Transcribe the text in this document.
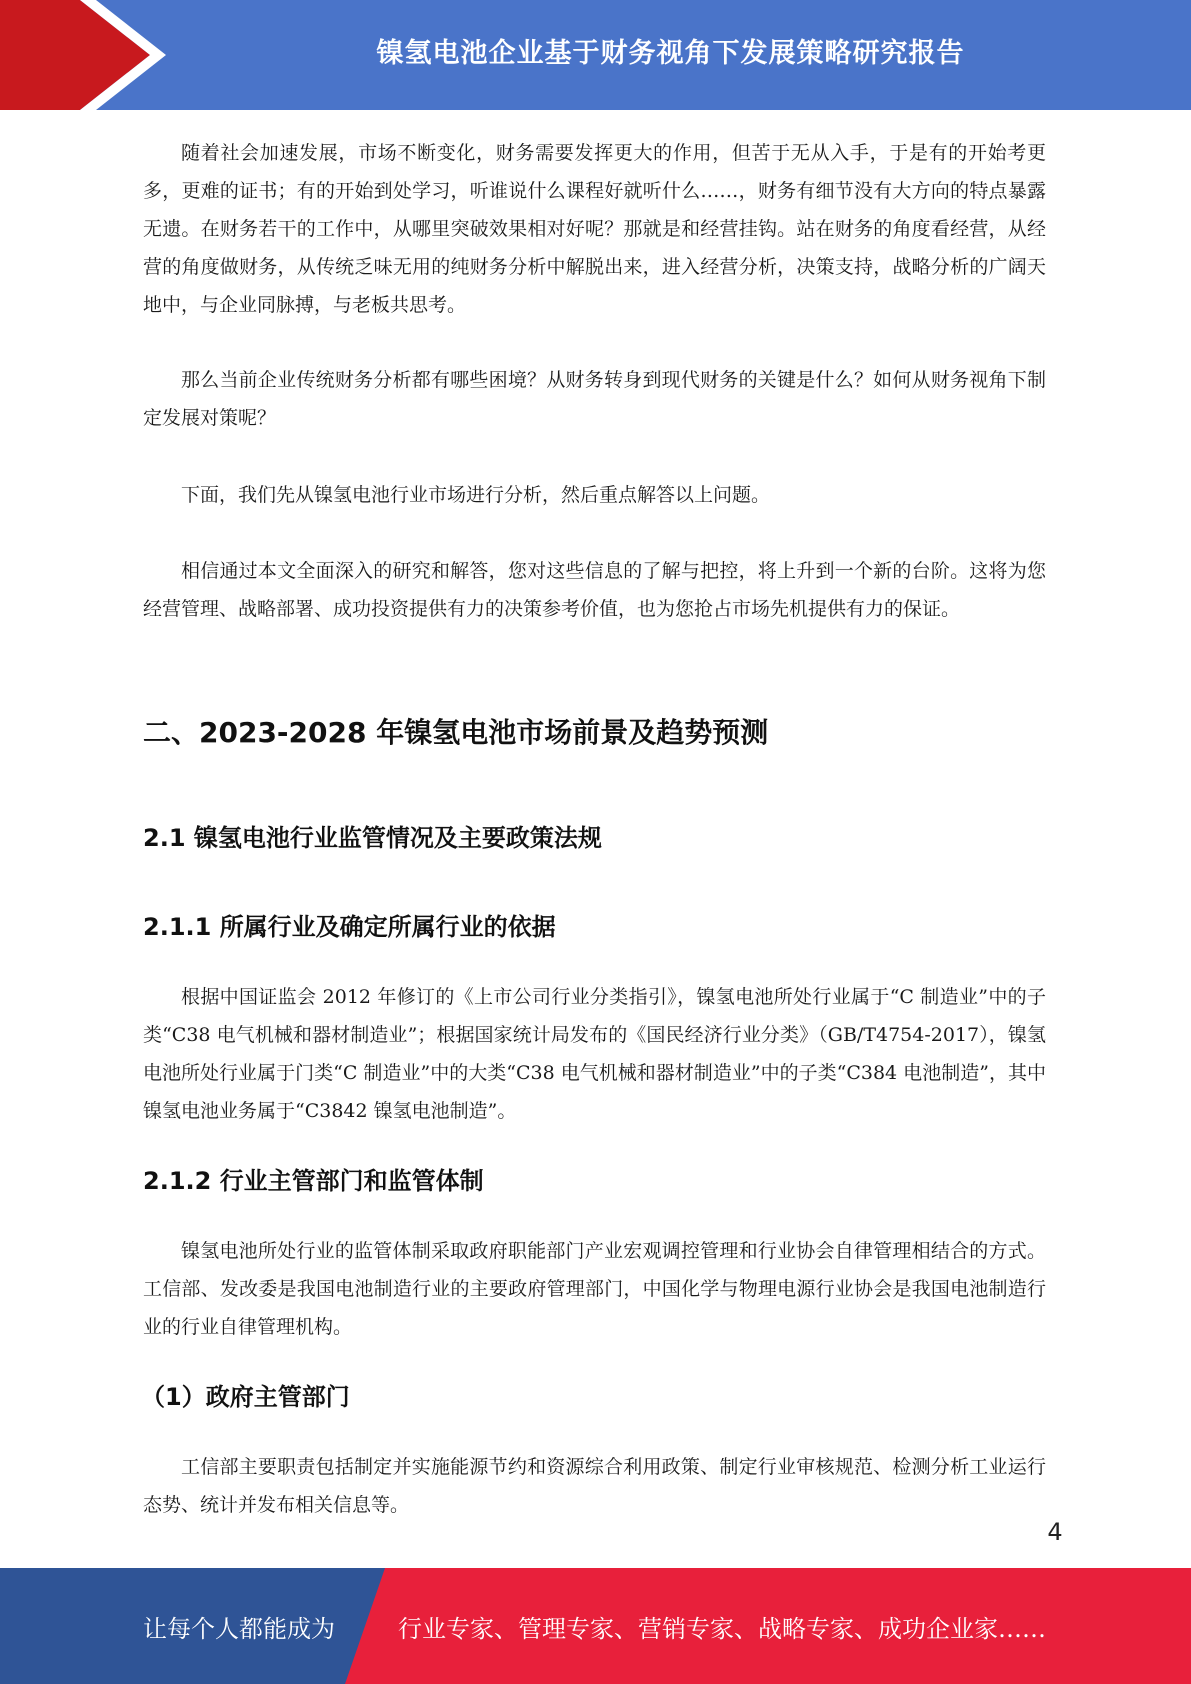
镍氢电池企业基于财务视角下发展策略研究报告

随着社会加速发展，市场不断变化，财务需要发挥更大的作用，但苦于无从入手，于是有的开始考更多，更难的证书；有的开始到处学习，听谁说什么课程好就听什么……，财务有细节没有大方向的特点暴露无遗。在财务若干的工作中，从哪里突破效果相对好呢？那就是和经营挂钩。站在财务的角度看经营，从经营的角度做财务，从传统乏味无用的纯财务分析中解脱出来，进入经营分析，决策支持，战略分析的广阔天地中，与企业同脉搏，与老板共思考。

那么当前企业传统财务分析都有哪些困境？从财务转身到现代财务的关键是什么？如何从财务视角下制定发展对策呢？

下面，我们先从镍氢电池行业市场进行分析，然后重点解答以上问题。

相信通过本文全面深入的研究和解答，您对这些信息的了解与把控，将上升到一个新的台阶。这将为您经营管理、战略部署、成功投资提供有力的决策参考价值，也为您抢占市场先机提供有力的保证。

二、2023-2028 年镍氢电池市场前景及趋势预测
2.1 镍氢电池行业监管情况及主要政策法规
2.1.1 所属行业及确定所属行业的依据

根据中国证监会 2012 年修订的《上市公司行业分类指引》，镍氢电池所处行业属于“C 制造业”中的子类“C38 电气机械和器材制造业”；根据国家统计局发布的《国民经济行业分类》（GB/T4754-2017），镍氢电池所处行业属于门类“C 制造业”中的大类“C38 电气机械和器材制造业”中的子类“C384 电池制造”，其中镍氢电池业务属于“C3842 镍氢电池制造”。

2.1.2 行业主管部门和监管体制

镍氢电池所处行业的监管体制采取政府职能部门产业宏观调控管理和行业协会自律管理相结合的方式。工信部、发改委是我国电池制造行业的主要政府管理部门，中国化学与物理电源行业协会是我国电池制造行业的行业自律管理机构。

（1）政府主管部门

工信部主要职责包括制定并实施能源节约和资源综合利用政策、制定行业审核规范、检测分析工业运行态势、统计并发布相关信息等。

4
让每个人都能成为	行业专家、管理专家、营销专家、战略专家、成功企业家……
